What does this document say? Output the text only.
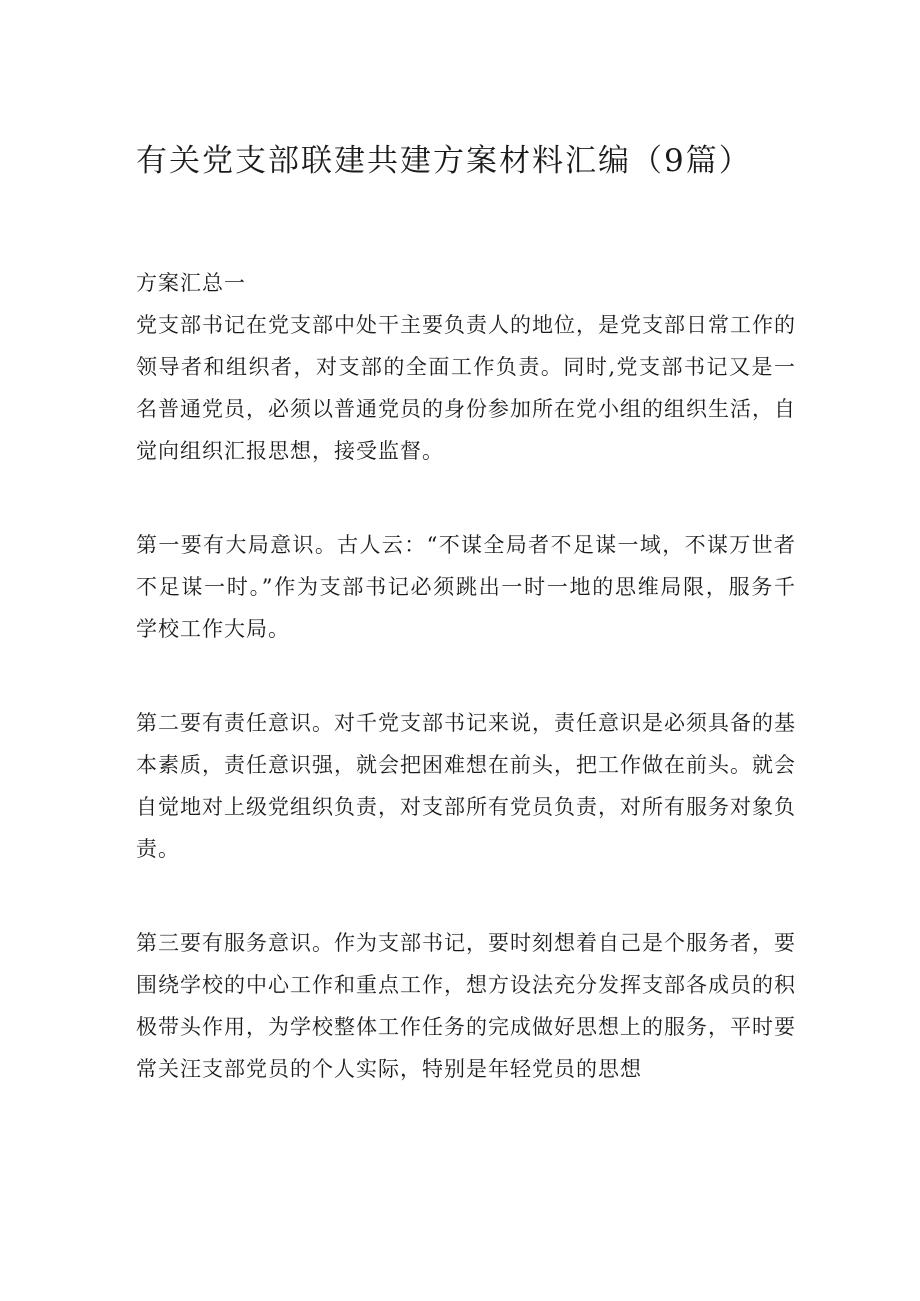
有关党支部联建共建方案材料汇编（9篇）
方案汇总一

党支部书记在党支部中处干主要负责人的地位，是党支部日常工作的领导者和组织者，对支部的全面工作负责。同时,党支部书记又是一名普通党员，必须以普通党员的身份参加所在党小组的组织生活，自觉向组织汇报思想，接受监督。

第一要有大局意识。古人云：“不谋全局者不足谋一域，不谋万世者不足谋一时。”作为支部书记必须跳出一时一地的思维局限，服务千学校工作大局。

第二要有责任意识。对千党支部书记来说，责任意识是必须具备的基本素质，责任意识强，就会把困难想在前头，把工作做在前头。就会自觉地对上级党组织负责，对支部所有党员负责，对所有服务对象负责。

第三要有服务意识。作为支部书记，要时刻想着自己是个服务者，要围绕学校的中心工作和重点工作，想方设法充分发挥支部各成员的积极带头作用，为学校整体工作任务的完成做好思想上的服务，平时要常关汪支部党员的个人实际，特别是年轻党员的思想
